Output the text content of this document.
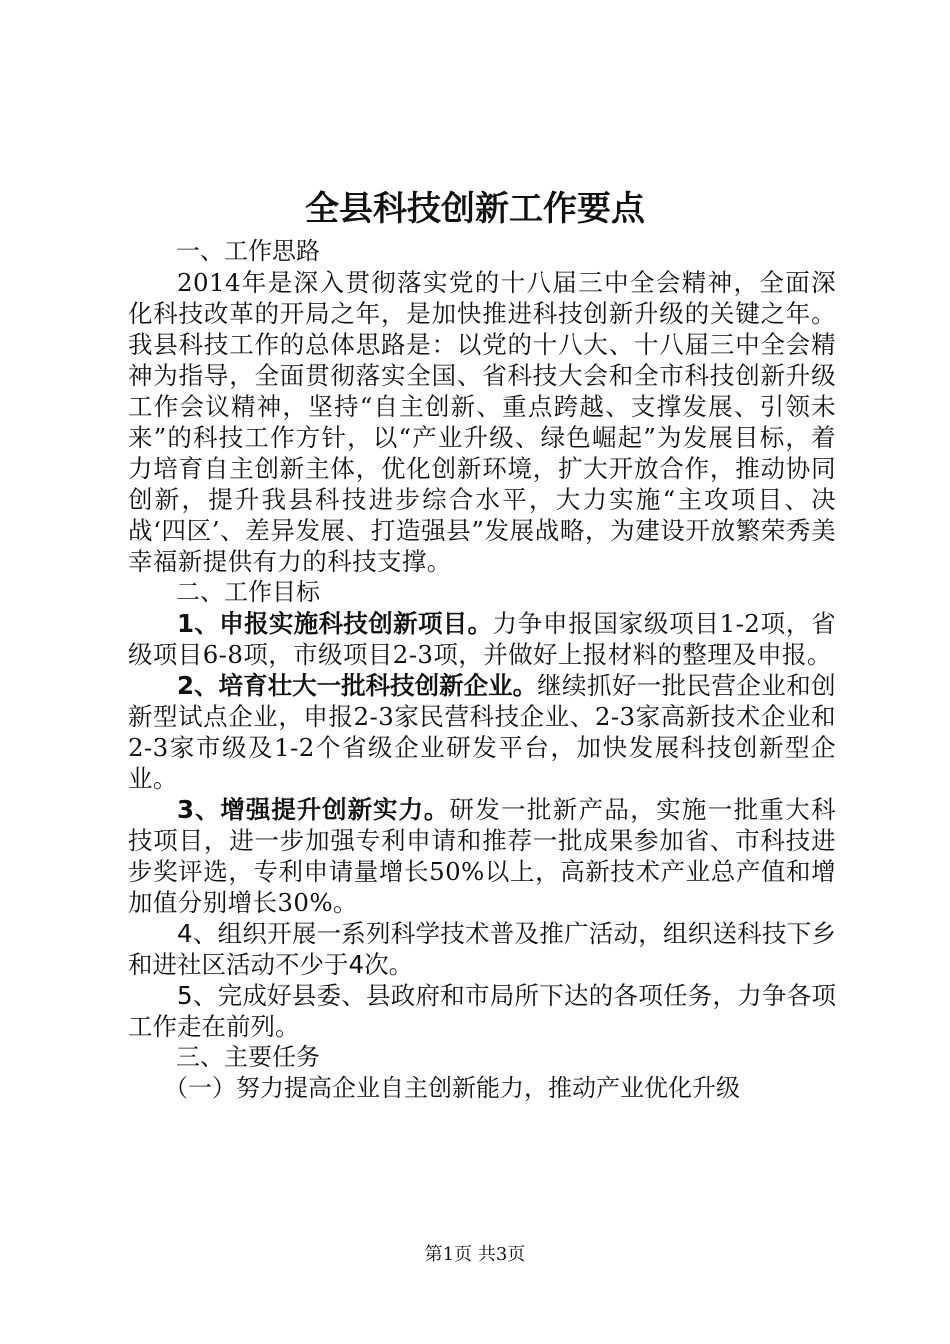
全县科技创新工作要点

一、工作思路

2014年是深入贯彻落实党的十八届三中全会精神，全面深化科技改革的开局之年，是加快推进科技创新升级的关键之年。我县科技工作的总体思路是：以党的十八大、十八届三中全会精神为指导，全面贯彻落实全国、省科技大会和全市科技创新升级工作会议精神，坚持“自主创新、重点跨越、支撑发展、引领未来”的科技工作方针，以“产业升级、绿色崛起”为发展目标，着力培育自主创新主体，优化创新环境，扩大开放合作，推动协同创新，提升我县科技进步综合水平，大力实施“主攻项目、决战‘四区’、差异发展、打造强县”发展战略，为建设开放繁荣秀美幸福新提供有力的科技支撑。

二、工作目标

1、申报实施科技创新项目。力争申报国家级项目1-2项，省级项目6-8项，市级项目2-3项，并做好上报材料的整理及申报。

2、培育壮大一批科技创新企业。继续抓好一批民营企业和创新型试点企业，申报2-3家民营科技企业、2-3家高新技术企业和2-3家市级及1-2个省级企业研发平台，加快发展科技创新型企业。

3、增强提升创新实力。研发一批新产品，实施一批重大科技项目，进一步加强专利申请和推荐一批成果参加省、市科技进步奖评选，专利申请量增长50%以上，高新技术产业总产值和增加值分别增长30%。

4、组织开展一系列科学技术普及推广活动，组织送科技下乡和进社区活动不少于4次。

5、完成好县委、县政府和市局所下达的各项任务，力争各项工作走在前列。

三、主要任务

（一）努力提高企业自主创新能力，推动产业优化升级

第1页 共3页
